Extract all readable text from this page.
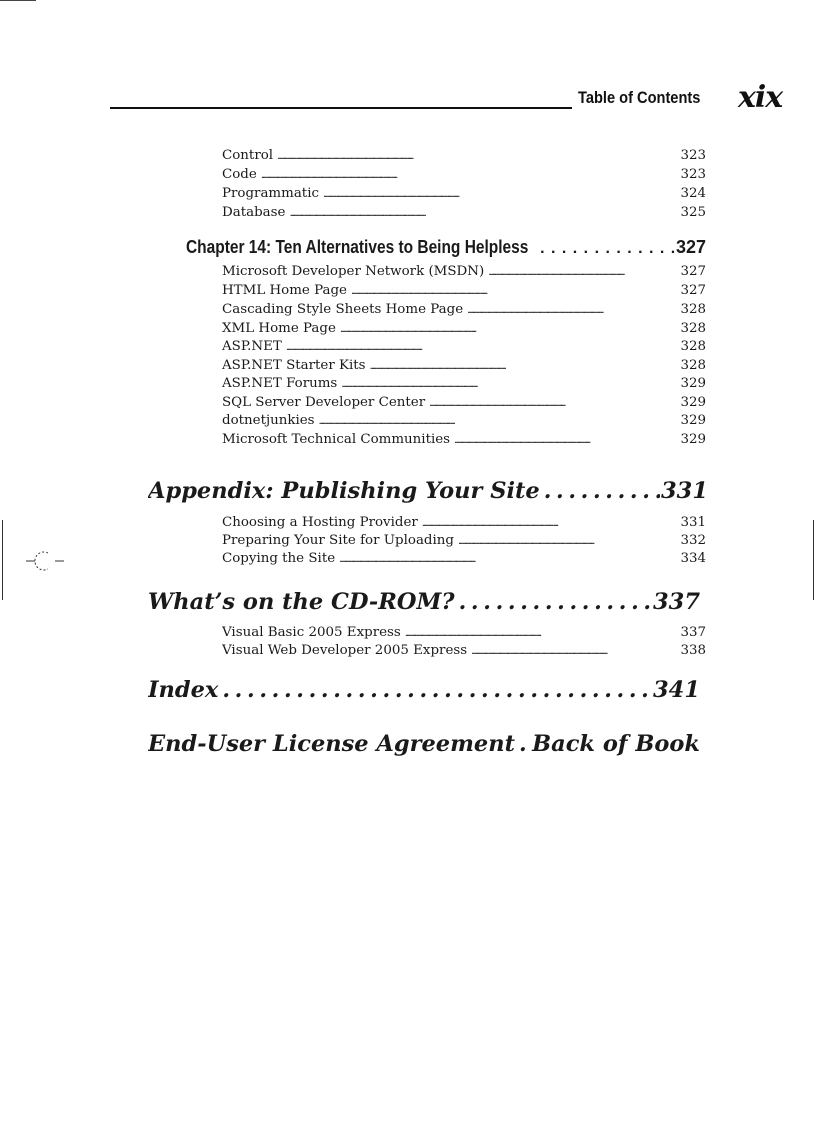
Table of Contents xix
Control . . .	323
Code . . .	323
Programmatic . . .	324
Database . . .	325
Chapter 14: Ten Alternatives to Being Helpless . . .	327
Microsoft Developer Network (MSDN) . . .	327
HTML Home Page . . .	327
Cascading Style Sheets Home Page . . .	328
XML Home Page . . .	328
ASP.NET . . .	328
ASP.NET Starter Kits . . .	328
ASP.NET Forums . . .	329
SQL Server Developer Center . . .	329
dotnetjunkies . . .	329
Microsoft Technical Communities . . .	329
Appendix: Publishing Your Site . . .	331
Choosing a Hosting Provider . . .	331
Preparing Your Site for Uploading . . .	332
Copying the Site . . .	334
What’s on the CD-ROM? . . .	337
Visual Basic 2005 Express . . .	337
Visual Web Developer 2005 Express . . .	338
Index . . .	341
End-User License Agreement . . . Back of Book
